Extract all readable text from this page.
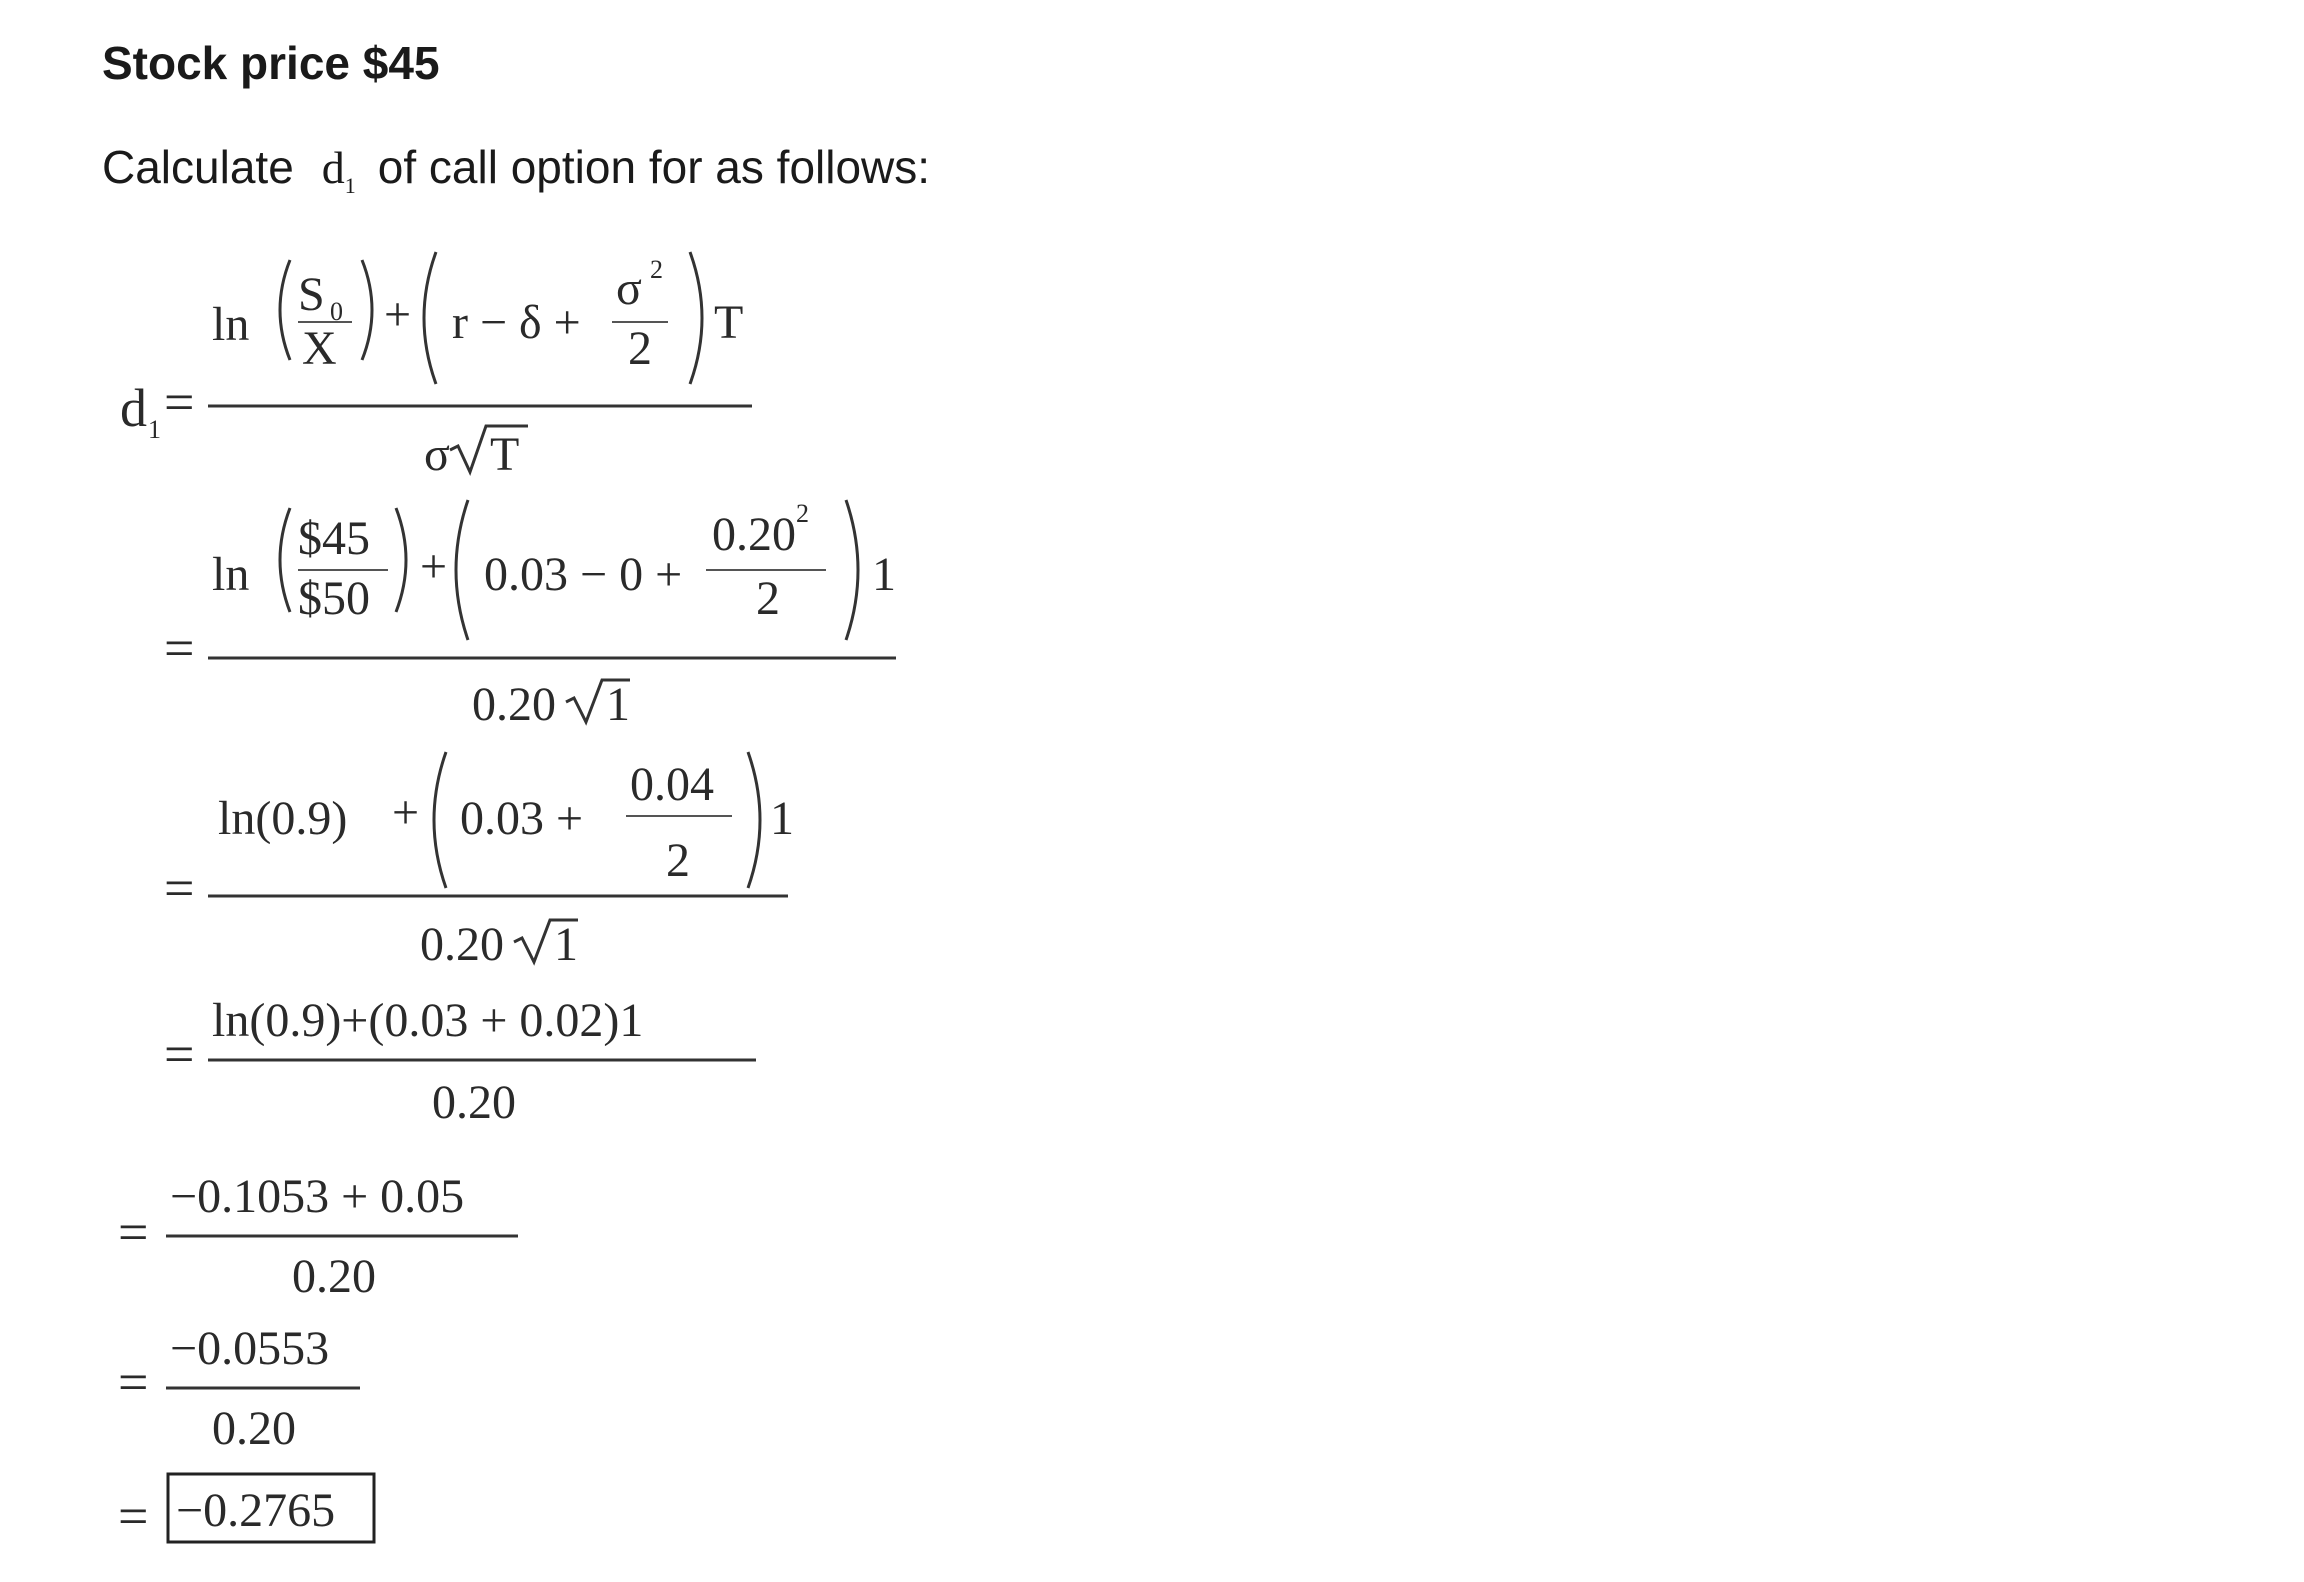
Stock price $45
Calculate $d_1$ of call option for as follows:
d 1 =
ln
S 0
X
+ r − δ +
σ 2
2 T
σ T
=
ln
$45
$50
+ 0.03 − 0 +
0.20 2
2 1
0.20 1
=
ln(0.9) + 0.03 +
0.04
2
1
0.20 1
=
ln(0.9)+(0.03 + 0.02)1
0.20
=
−0.1053 + 0.05
0.20
=
−0.0553
0.20
= −0.2765
